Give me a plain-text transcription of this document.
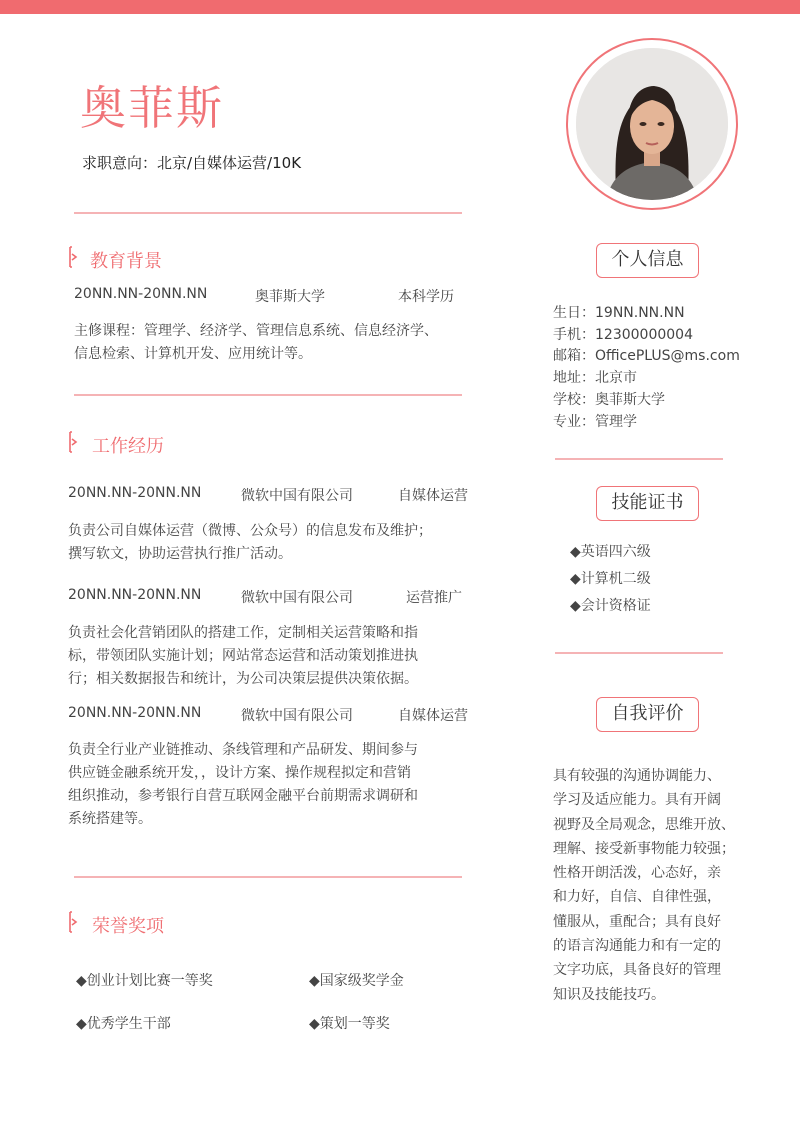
奥菲斯
求职意向：北京/自媒体运营/10K
教育背景
20NN.NN-20NN.NN	奥菲斯大学	本科学历
主修课程：管理学、经济学、管理信息系统、信息经济学、
信息检索、计算机开发、应用统计等。
工作经历
20NN.NN-20NN.NN	微软中国有限公司	自媒体运营
负责公司自媒体运营（微博、公众号）的信息发布及维护；
撰写软文，协助运营执行推广活动。
20NN.NN-20NN.NN	微软中国有限公司	运营推广
负责社会化营销团队的搭建工作，定制相关运营策略和指
标，带领团队实施计划；网站常态运营和活动策划推进执
行；相关数据报告和统计，为公司决策层提供决策依据。
20NN.NN-20NN.NN	微软中国有限公司	自媒体运营
负责全行业产业链推动、条线管理和产品研发、期间参与
供应链金融系统开发，，设计方案、操作规程拟定和营销
组织推动，参考银行自营互联网金融平台前期需求调研和
系统搭建等。
荣誉奖项
◆创业计划比赛一等奖	◆国家级奖学金
◆优秀学生干部	◆策划一等奖
个人信息
生日：19NN.NN.NN
手机：12300000004
邮箱：OfficePLUS@ms.com
地址：北京市
学校：奥菲斯大学
专业：管理学
技能证书
◆英语四六级
◆计算机二级
◆会计资格证
自我评价
具有较强的沟通协调能力、
学习及适应能力。具有开阔
视野及全局观念，思维开放、
理解、接受新事物能力较强；
性格开朗活泼，心态好，亲
和力好，自信、自律性强，
懂服从，重配合；具有良好
的语言沟通能力和有一定的
文字功底，具备良好的管理
知识及技能技巧。
